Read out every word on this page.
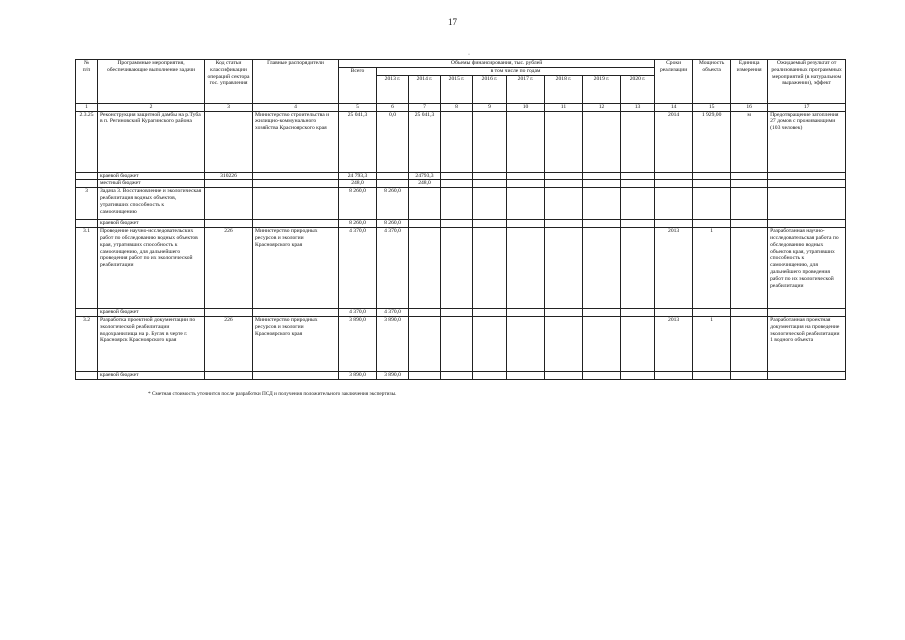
17
·
№
п/п	Программные мероприятия, обеспечивающие выполнение задачи	Код статьи классификации операций сектора гос. управления	Главные распорядители	Объемы финансирования, тыс. рублей									Сроки реализации	Мощность объекта	Единица измерения	Ожидаемый результат от реализованных программных мероприятий (в натуральном выражении), эффект
				Всего	в том числе по годам											
					2013 г.	2014 г.	2015 г.	2016 г.	2017 г.	2018 г.	2019 г.	2020 г.				
1	2	3	4	5	6	7	8	9	10	11	12	13	14	15	16	17
2.3.25	Реконструкция защитной дамбы на р.Туба в п. Региновский Курагинского района		Министерство строительства и жилищно-коммунального хозяйства Красноярского края	25 041,3	0,0	25 041,3							2014	1 929,00	м	Предотвращение затопления 27 домов с проживающими (103 человек)
	краевой бюджет	310226		24 793,3		24793,3										
	местный бюджет			248,0		248,0										
3	Задача 3. Восстановление и экологическая реабилитация водных объектов, утративших способность к самоочищению			8 260,0	8 260,0											
	краевой бюджет			8 260,0	8 260,0											
3.1	Проведение научно-исследовательских работ по обследованию водных объектов края, утративших способность к самоочищению, для дальнейшего проведения работ по их экологической реабилитации	226	Министерство природных ресурсов и экологии Красноярского края	4 370,0	4 370,0								2013	1		Разработанная научно-исследовательская работа по обследованию водных объектов края, утративших способность к самоочищению, для дальнейшего проведения работ по их экологической реабилитации
	краевой бюджет			4 370,0	4 370,0											
3.2	Разработка проектной документации по экологической реабилитации водохранилища на р. Бугач в черте г. Красноярск Красноярского края	226	Министерство природных ресурсов и экологии Красноярского края	3 890,0	3 890,0								2013	1		Разработанная проектная документация на проведение экологической реабилитации 1 водного объекта
	краевой бюджет			3 890,0	3 890,0											
* Сметная стоимость уточнится после разработки ПСД и получения положительного заключения экспертизы.
